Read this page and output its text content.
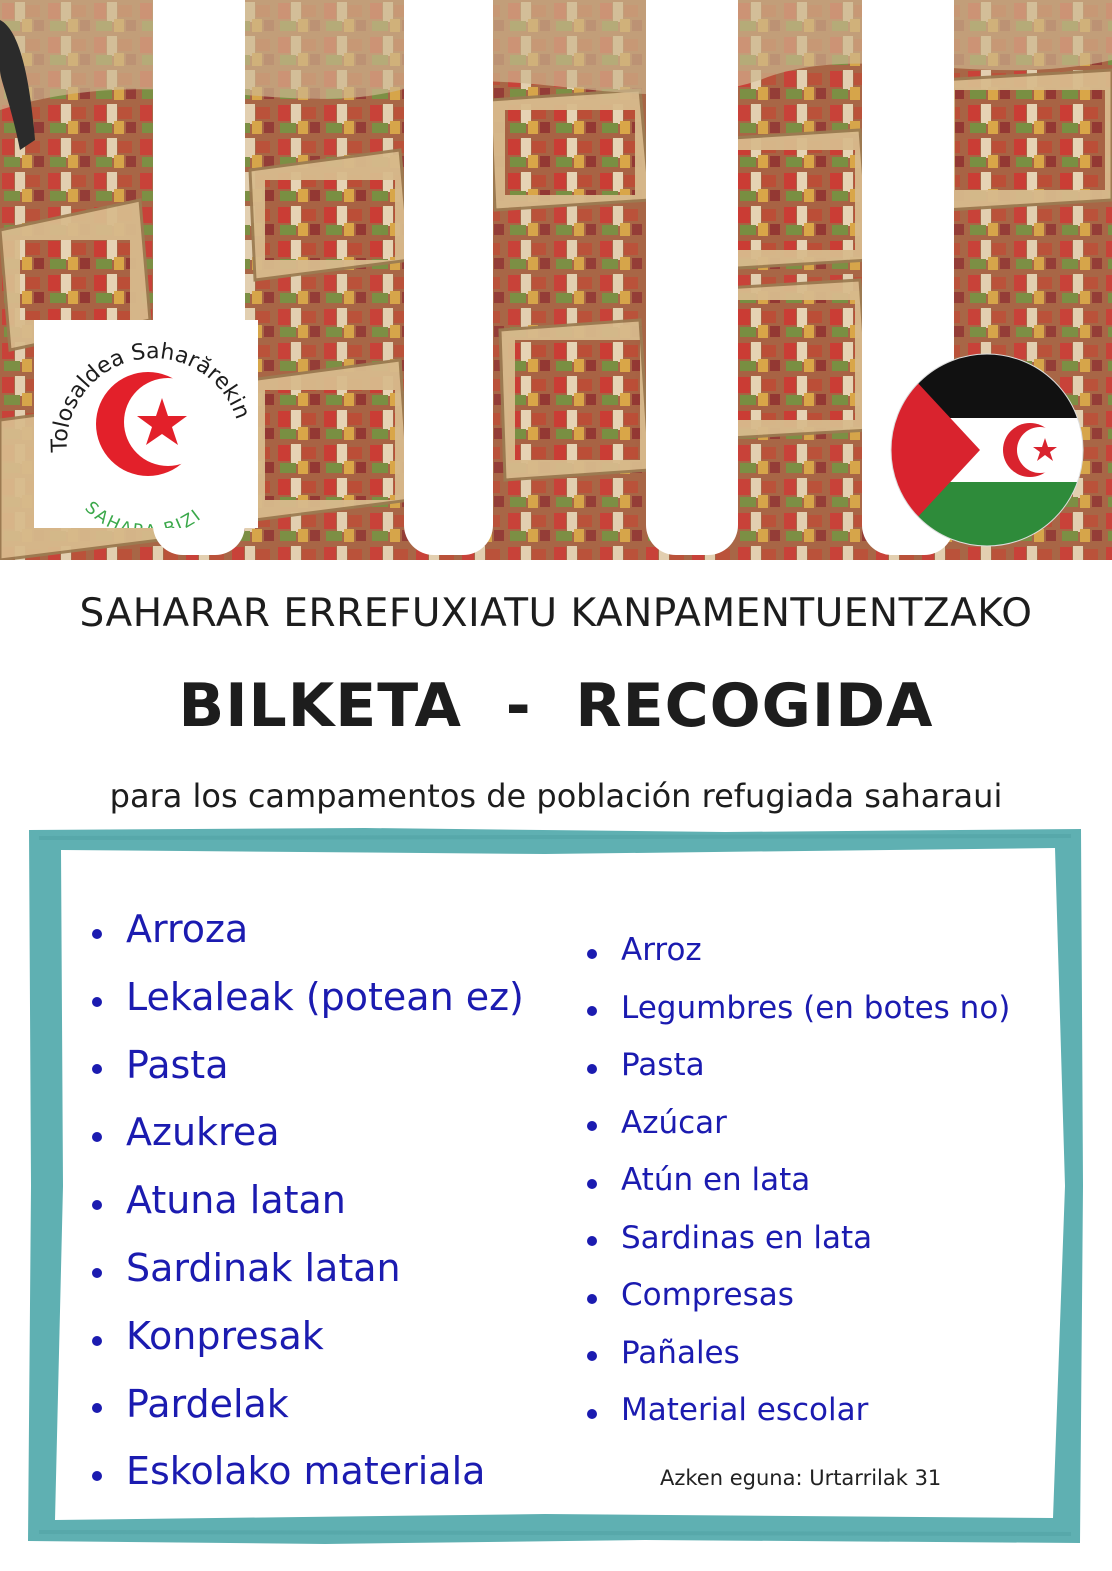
Tolosaldea Saharărekin
SAH IZI
SAHARAR ERREFUXIATU KANPAMENTUENTZAKO
BILKETA  -  RECOGIDA
para los campamentos de población refugiada saharaui
Arroza
Lekaleak (potean ez)
Pasta
Azukrea
Atuna latan
Sardinak latan
Konpresak
Pardelak
Eskolako materiala
Arroz
Legumbres (en botes no)
Pasta
Azúcar
Atún en lata
Sardinas en lata
Compresas
Pañales
Material escolar
Azken eguna: Urtarrilak 31
